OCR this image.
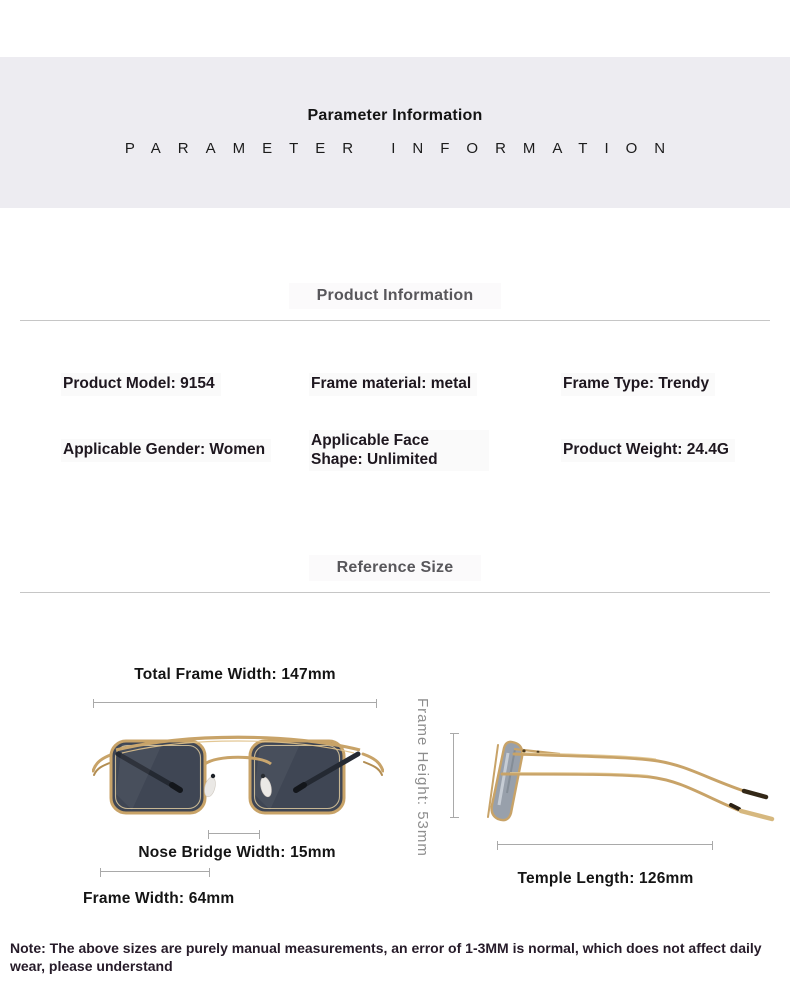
Parameter Information
PARAMETER INFORMATION
Product Information
Product Model: 9154	Frame material: metal	Frame Type: Trendy
Applicable Gender: Women
Applicable Face Shape: Unlimited
Product Weight: 24.4G
Reference Size
Total Frame Width: 147mm
Nose Bridge Width: 15mm
Frame Width: 64mm
Frame Height: 53mm
Temple Length: 126mm
Note: The above sizes are purely manual measurements, an error of 1-3MM is normal, which does not affect daily wear, please understand
